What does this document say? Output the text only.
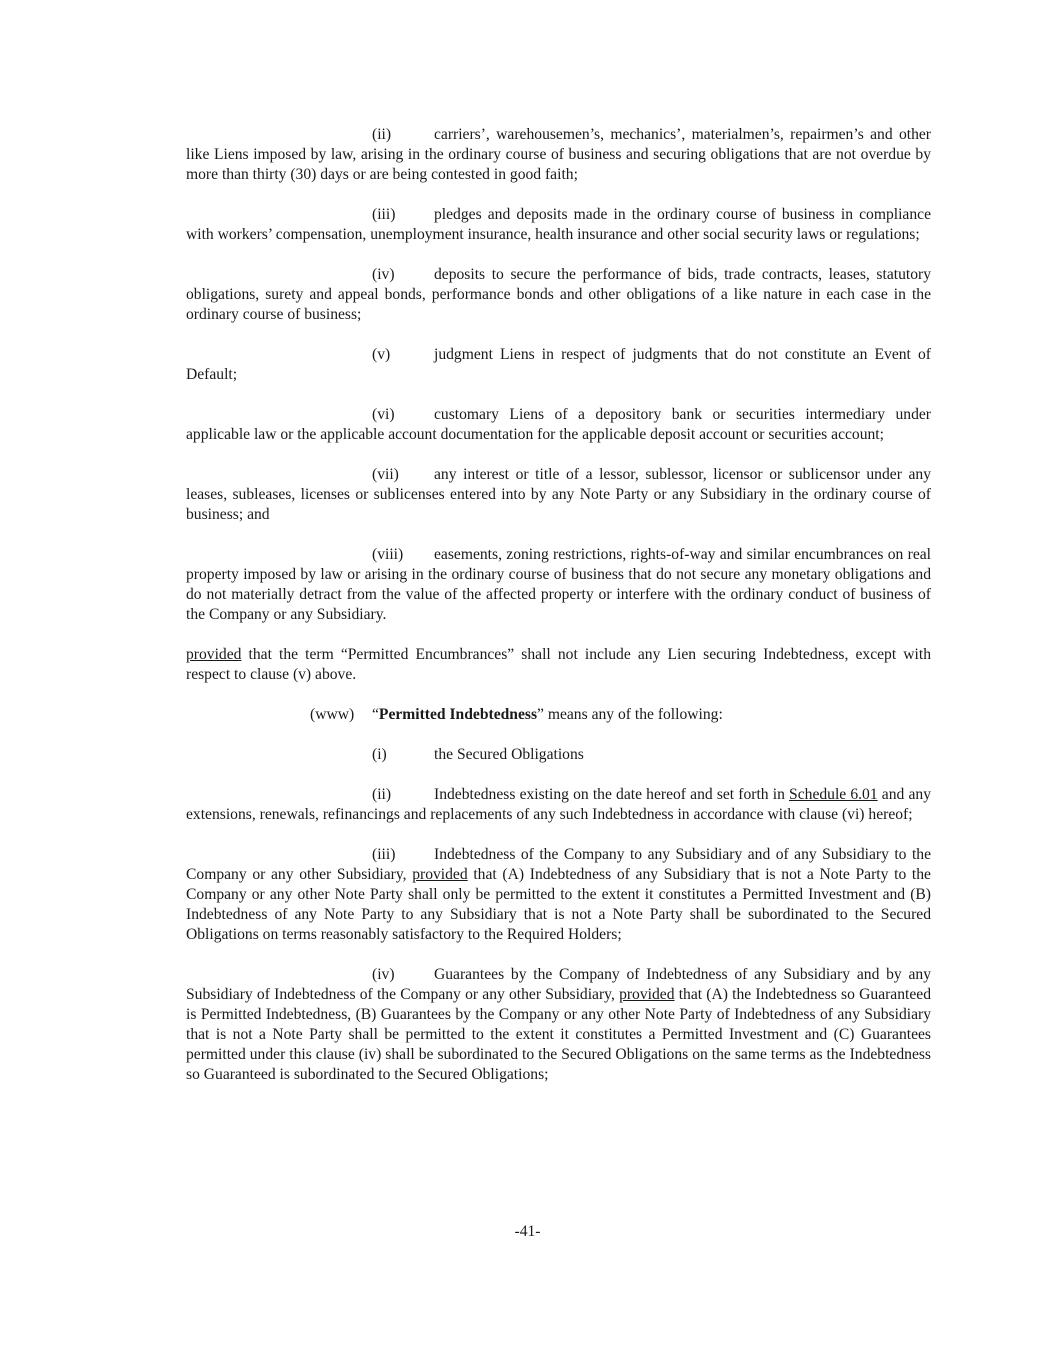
(ii)	carriers’, warehousemen’s, mechanics’, materialmen’s, repairmen’s and other like Liens imposed by law, arising in the ordinary course of business and securing obligations that are not overdue by more than thirty (30) days or are being contested in good faith;

(iii) pledges and deposits made in the ordinary course of business in compliance with workers’ compensation, unemployment insurance, health insurance and other social security laws or regulations;

(iv)	deposits to secure the performance of bids, trade contracts, leases, statutory obligations, surety and appeal bonds, performance bonds and other obligations of a like nature in each case in the ordinary course of business;

(v)	judgment Liens in respect of judgments that do not constitute an Event of Default;

(vi)	customary Liens of a depository bank or securities intermediary under applicable law or the applicable account documentation for the applicable deposit account or securities account;

(vii) any interest or title of a lessor, sublessor, licensor or sublicensor under any leases, subleases, licenses or sublicenses entered into by any Note Party or any Subsidiary in the ordinary course of business; and

(viii) easements, zoning restrictions, rights-of-way and similar encumbrances on real property imposed by law or arising in the ordinary course of business that do not secure any monetary obligations and do not materially detract from the value of the affected property or interfere with the ordinary conduct of business of the Company or any Subsidiary.

provided that the term “Permitted Encumbrances” shall not include any Lien securing Indebtedness, except with respect to clause (v) above.

(www) “Permitted Indebtedness” means any of the following:

(i)	the Secured Obligations

(ii)	Indebtedness existing on the date hereof and set forth in Schedule 6.01 and any extensions, renewals, refinancings and replacements of any such Indebtedness in accordance with clause (vi) hereof;

(iii) Indebtedness of the Company to any Subsidiary and of any Subsidiary to the Company or any other Subsidiary, provided that (A) Indebtedness of any Subsidiary that is not a Note Party to the Company or any other Note Party shall only be permitted to the extent it constitutes a Permitted Investment and (B) Indebtedness of any Note Party to any Subsidiary that is not a Note Party shall be subordinated to the Secured Obligations on terms reasonably satisfactory to the Required Holders;

(iv)	Guarantees by the Company of Indebtedness of any Subsidiary and by any Subsidiary of Indebtedness of the Company or any other Subsidiary, provided that (A) the Indebtedness so Guaranteed is Permitted Indebtedness, (B) Guarantees by the Company or any other Note Party of Indebtedness of any Subsidiary that is not a Note Party shall be permitted to the extent it constitutes a Permitted Investment and (C) Guarantees permitted under this clause (iv) shall be subordinated to the Secured Obligations on the same terms as the Indebtedness so Guaranteed is subordinated to the Secured Obligations;

-41-
